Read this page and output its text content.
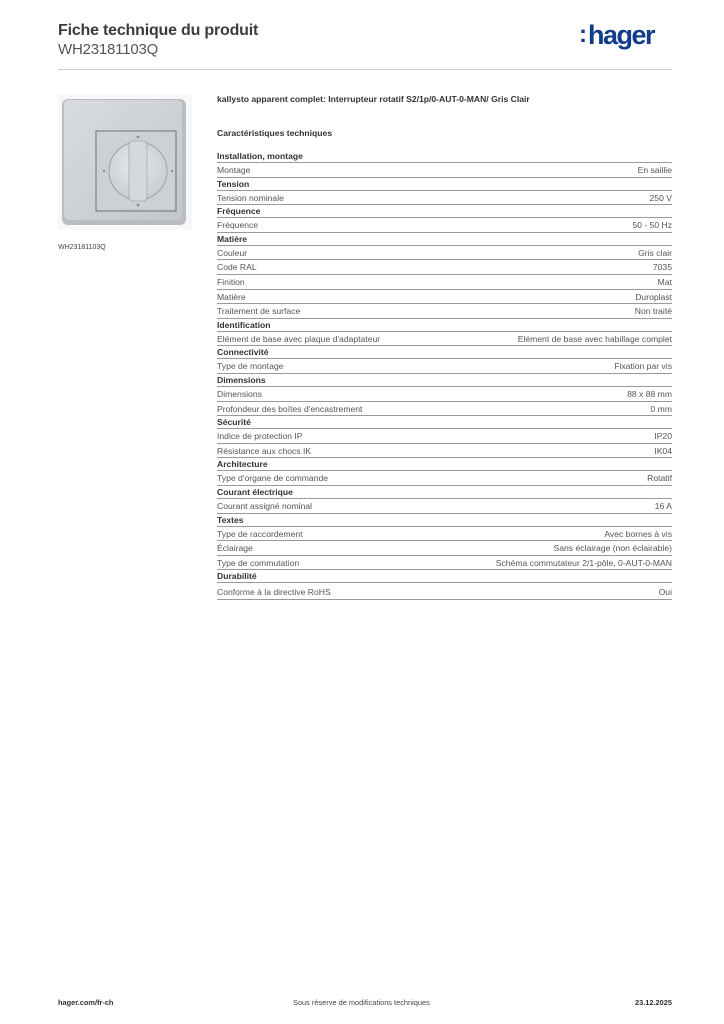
Fiche technique du produit
WH23181103Q
:hager
WH23181103Q
kallysto apparent complet: Interrupteur rotatif S2/1p/0-AUT-0-MAN/ Gris Clair
Caractéristiques techniques
Installation, montage
Montage	En saillie
Tension
Tension nominale	250 V
Fréquence
Fréquence	50 - 50 Hz
Matière
Couleur	Gris clair
Code RAL	7035
Finition	Mat
Matière	Duroplast
Traitement de surface	Non traité
Identification
Elément de base avec plaque d'adaptateur	Elément de base avec habillage complet
Connectivité
Type de montage	Fixation par vis
Dimensions
Dimensions	88 x 88 mm
Profondeur des boîtes d'encastrement	0 mm
Sécurité
Indice de protection IP	IP20
Résistance aux chocs IK	IK04
Architecture
Type d'organe de commande	Rotatif
Courant électrique
Courant assigné nominal	16 A
Textes
Type de raccordement	Avec bornes à vis
Éclairage	Sans éclairage (non éclairable)
Type de commutation	Schéma commutateur 2/1-pôle, 0-AUT-0-MAN
Durabilité
Conforme à la directive RoHS	Oui
hager.com/fr-ch	Sous réserve de modifications techniques	23.12.2025
